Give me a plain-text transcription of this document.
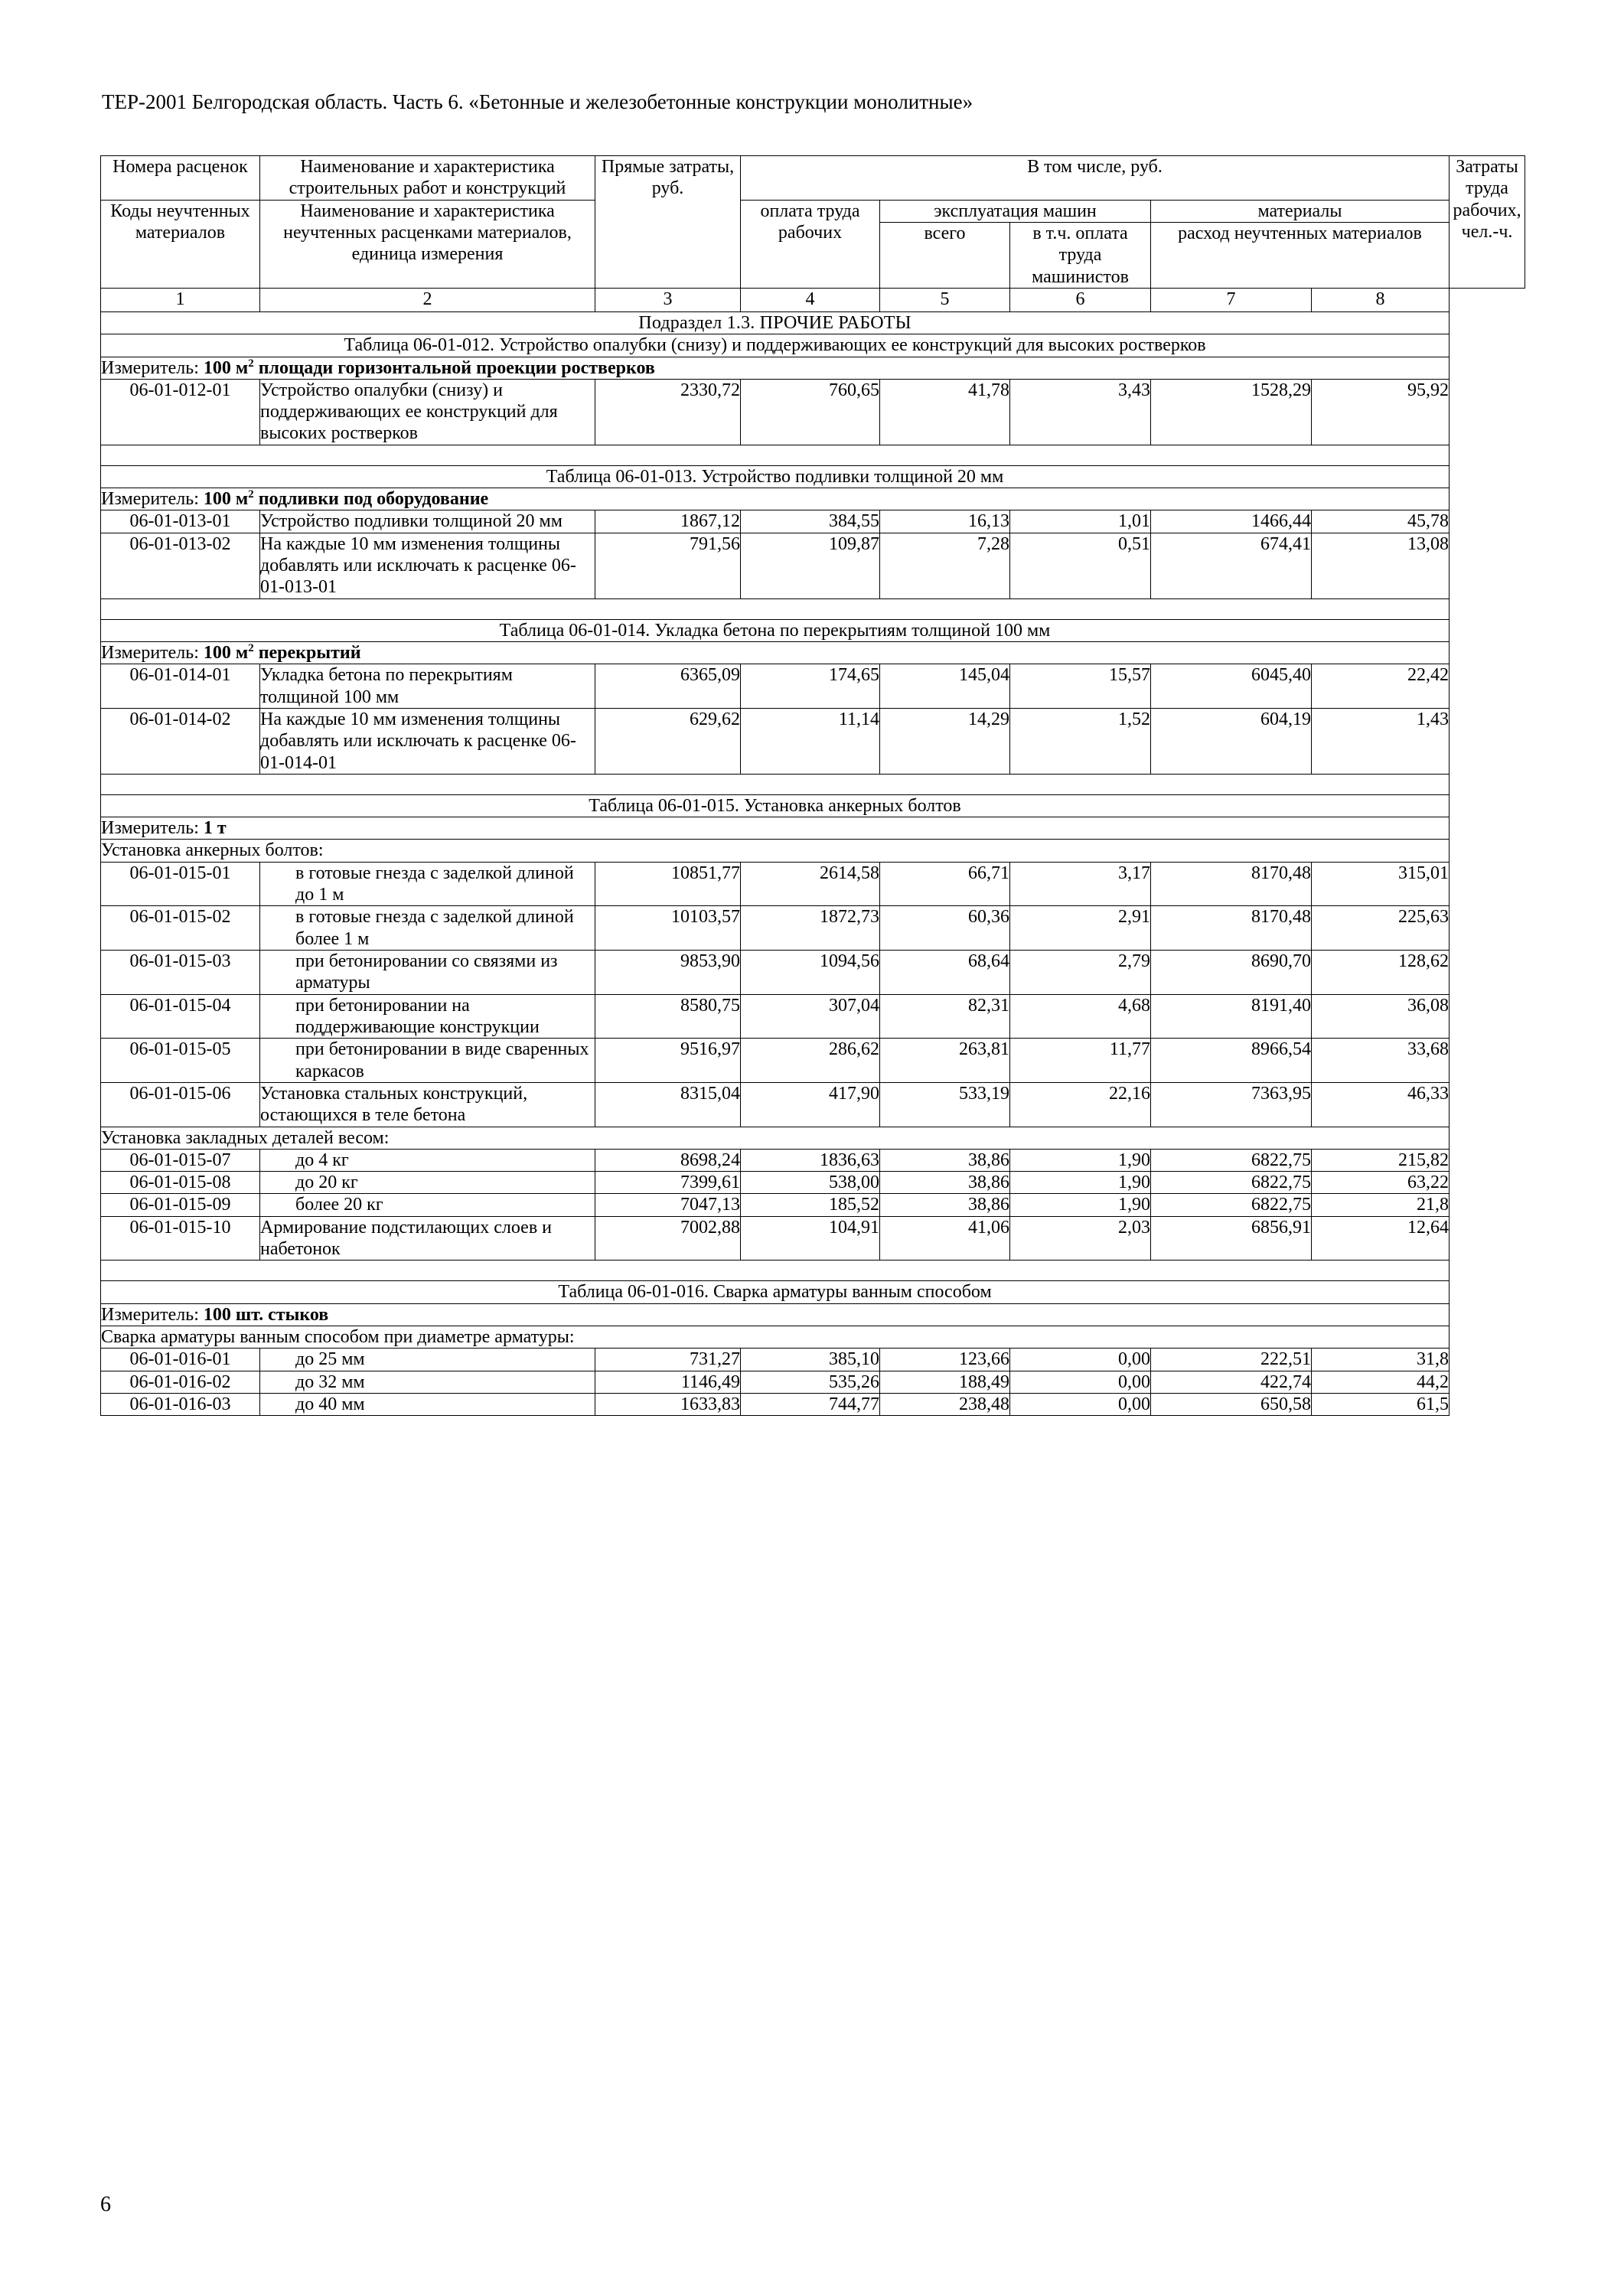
ТЕР-2001 Белгородская область. Часть 6. «Бетонные и железобетонные конструкции монолитные»
Номера расценок	Наименование и характеристика строительных работ и конструкций	Прямые затраты, руб.	В том числе, руб.					Затраты труда рабочих, чел.-ч.
Коды неучтенных материалов	Наименование и характеристика неучтенных расценками материалов, единица измерения		оплата труда рабочих	эксплуатация машин		материалы		
				всего	в т.ч. оплата труда машинистов	расход неучтенных материалов		
1	2	3	4	5	6	7	8	
Подраздел 1.3. ПРОЧИЕ РАБОТЫ								
Таблица 06-01-012. Устройство опалубки (снизу) и поддерживающих ее конструкций для высоких ростверков								
Измеритель: 100 $м^2$ площади горизонтальной проекции ростверков								
06-01-012-01	Устройство опалубки (снизу) и поддерживающих ее конструкций для высоких ростверков	2330,72	760,65	41,78	3,43	1528,29	95,92	

Таблица 06-01-013. Устройство подливки толщиной 20 мм								
Измеритель: 100 $м^2$ подливки под оборудование								
06-01-013-01	Устройство подливки толщиной 20 мм	1867,12	384,55	16,13	1,01	1466,44	45,78	
06-01-013-02	На каждые 10 мм изменения толщины добавлять или исключать к расценке 06-01-013-01	791,56	109,87	7,28	0,51	674,41	13,08	

Таблица 06-01-014. Укладка бетона по перекрытиям толщиной 100 мм								
Измеритель: 100 $м^2$ перекрытий								
06-01-014-01	Укладка бетона по перекрытиям толщиной 100 мм	6365,09	174,65	145,04	15,57	6045,40	22,42	
06-01-014-02	На каждые 10 мм изменения толщины добавлять или исключать к расценке 06-01-014-01	629,62	11,14	14,29	1,52	604,19	1,43	

Таблица 06-01-015. Установка анкерных болтов								
Измеритель: 1 т								
Установка анкерных болтов:								
06-01-015-01	в готовые гнезда с заделкой длиной до 1 м	10851,77	2614,58	66,71	3,17	8170,48	315,01	
06-01-015-02	в готовые гнезда с заделкой длиной более 1 м	10103,57	1872,73	60,36	2,91	8170,48	225,63	
06-01-015-03	при бетонировании со связями из арматуры	9853,90	1094,56	68,64	2,79	8690,70	128,62	
06-01-015-04	при бетонировании на поддерживающие конструкции	8580,75	307,04	82,31	4,68	8191,40	36,08	
06-01-015-05	при бетонировании в виде сваренных каркасов	9516,97	286,62	263,81	11,77	8966,54	33,68	
06-01-015-06	Установка стальных конструкций, остающихся в теле бетона	8315,04	417,90	533,19	22,16	7363,95	46,33	
Установка закладных деталей весом:								
06-01-015-07	до 4 кг	8698,24	1836,63	38,86	1,90	6822,75	215,82	
06-01-015-08	до 20 кг	7399,61	538,00	38,86	1,90	6822,75	63,22	
06-01-015-09	более 20 кг	7047,13	185,52	38,86	1,90	6822,75	21,8	
06-01-015-10	Армирование подстилающих слоев и набетонок	7002,88	104,91	41,06	2,03	6856,91	12,64	

Таблица 06-01-016. Сварка арматуры ванным способом								
Измеритель: 100 шт. стыков								
Сварка арматуры ванным способом при диаметре арматуры:								
06-01-016-01	до 25 мм	731,27	385,10	123,66	0,00	222,51	31,8	
06-01-016-02	до 32 мм	1146,49	535,26	188,49	0,00	422,74	44,2	
06-01-016-03	до 40 мм	1633,83	744,77	238,48	0,00	650,58	61,5	
6
